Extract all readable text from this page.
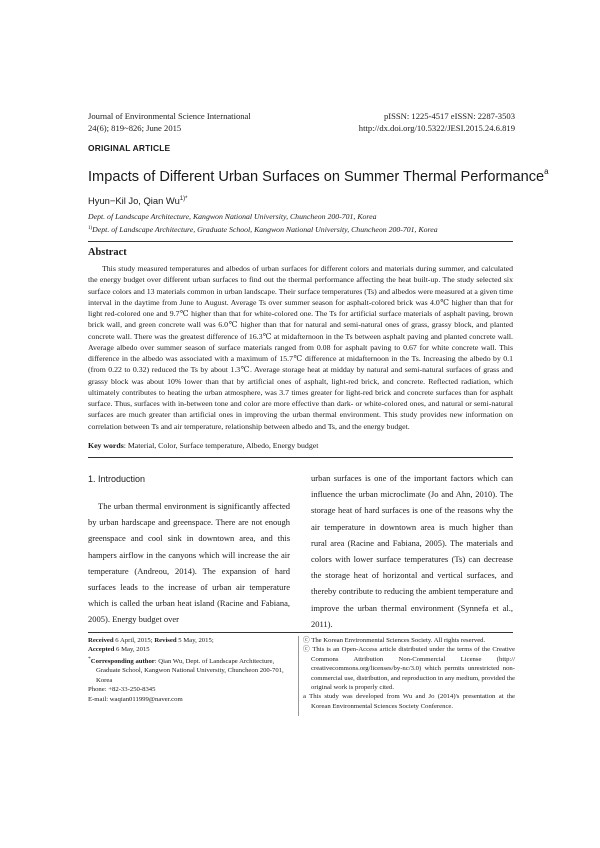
Journal of Environmental Science International
24(6); 819~826; June 2015
pISSN: 1225-4517 eISSN: 2287-3503
http://dx.doi.org/10.5322/JESI.2015.24.6.819
ORIGINAL ARTICLE
Impacts of Different Urban Surfaces on Summer Thermal Performance$^a$
Hyun−Kil Jo, Qian $Wu^{1)*}$
Dept. of Landscape Architecture, Kangwon National University, Chuncheon 200-701, Korea
$^{1)}$Dept. of Landscape Architecture, Graduate School, Kangwon National University, Chuncheon 200-701, Korea
Abstract

This study measured temperatures and albedos of urban surfaces for different colors and materials during summer, and calculated the energy budget over different urban surfaces to find out the thermal performance affecting the heat built-up. The study selected six surface colors and 13 materials common in urban landscape. Their surface temperatures (Ts) and albedos were measured at a given time interval in the daytime from June to August. Average Ts over summer season for asphalt-colored brick was 4.0℃ higher than that for light red-colored one and 9.7℃ higher than that for white-colored one. The Ts for artificial surface materials of asphalt paving, brown brick wall, and green concrete wall was 6.0℃ higher than that for natural and semi-natural ones of grass, grassy block, and planted concrete wall. There was the greatest difference of 16.3℃ at midafternoon in the Ts between asphalt paving and planted concrete wall. Average albedo over summer season of surface materials ranged from 0.08 for asphalt paving to 0.67 for white concrete wall. This difference in the albedo was associated with a maximum of 15.7℃ difference at midafternoon in the Ts. Increasing the albedo by 0.1 (from 0.22 to 0.32) reduced the Ts by about 1.3℃. Average storage heat at midday by natural and semi-natural surfaces of grass and grassy block was about 10% lower than that by artificial ones of asphalt, light-red brick, and concrete. Reflected radiation, which ultimately contributes to heating the urban atmosphere, was 3.7 times greater for light-red brick and concrete surfaces than for asphalt surface. Thus, surfaces with in-between tone and color are more effective than dark- or white-colored ones, and natural or semi-natural surfaces are much greater than artificial ones in improving the urban thermal environment. This study provides new information on correlation between Ts and air temperature, relationship between albedo and Ts, and the energy budget.

Key words: Material, Color, Surface temperature, Albedo, Energy budget
1. Introduction

The urban thermal environment is significantly affected by urban hardscape and greenspace. There are not enough greenspace and cool sink in downtown area, and this hampers airflow in the canyons which will increase the air temperature (Andreou, 2014). The expansion of hard surfaces leads to the increase of urban air temperature which is called the urban heat island (Racine and Fabiana, 2005). Energy budget over

urban surfaces is one of the important factors which can influence the urban microclimate (Jo and Ahn, 2010). The storage heat of hard surfaces is one of the reasons why the air temperature in downtown area is much higher than rural area (Racine and Fabiana, 2005). The materials and colors with lower surface temperatures (Ts) can decrease the storage heat of horizontal and vertical surfaces, and thereby contribute to reducing the ambient temperature and improve the urban thermal environment (Synnefa et al., 2011).

Received 6 April, 2015; Revised 5 May, 2015;
Accepted 6 May, 2015
*Corresponding author: Qian Wu, Dept. of Landscape Architecture, Graduate School, Kangwon National University, Chuncheon 200-701, Korea
Phone: +82-33-250-8345
E-mail: waqian011999@naver.com
ⓒ The Korean Environmental Sciences Society. All rights reserved.
ⓒ This is an Open-Access article distributed under the terms of the Creative Commons Attribution Non-Commercial License (http:// creativecommons.org/licenses/by-nc/3.0) which permits unrestricted non-commercial use, distribution, and reproduction in any medium, provided the original work is properly cited.
a This study was developed from Wu and Jo (2014)'s presentation at the Korean Environmental Sciences Society Conference.
